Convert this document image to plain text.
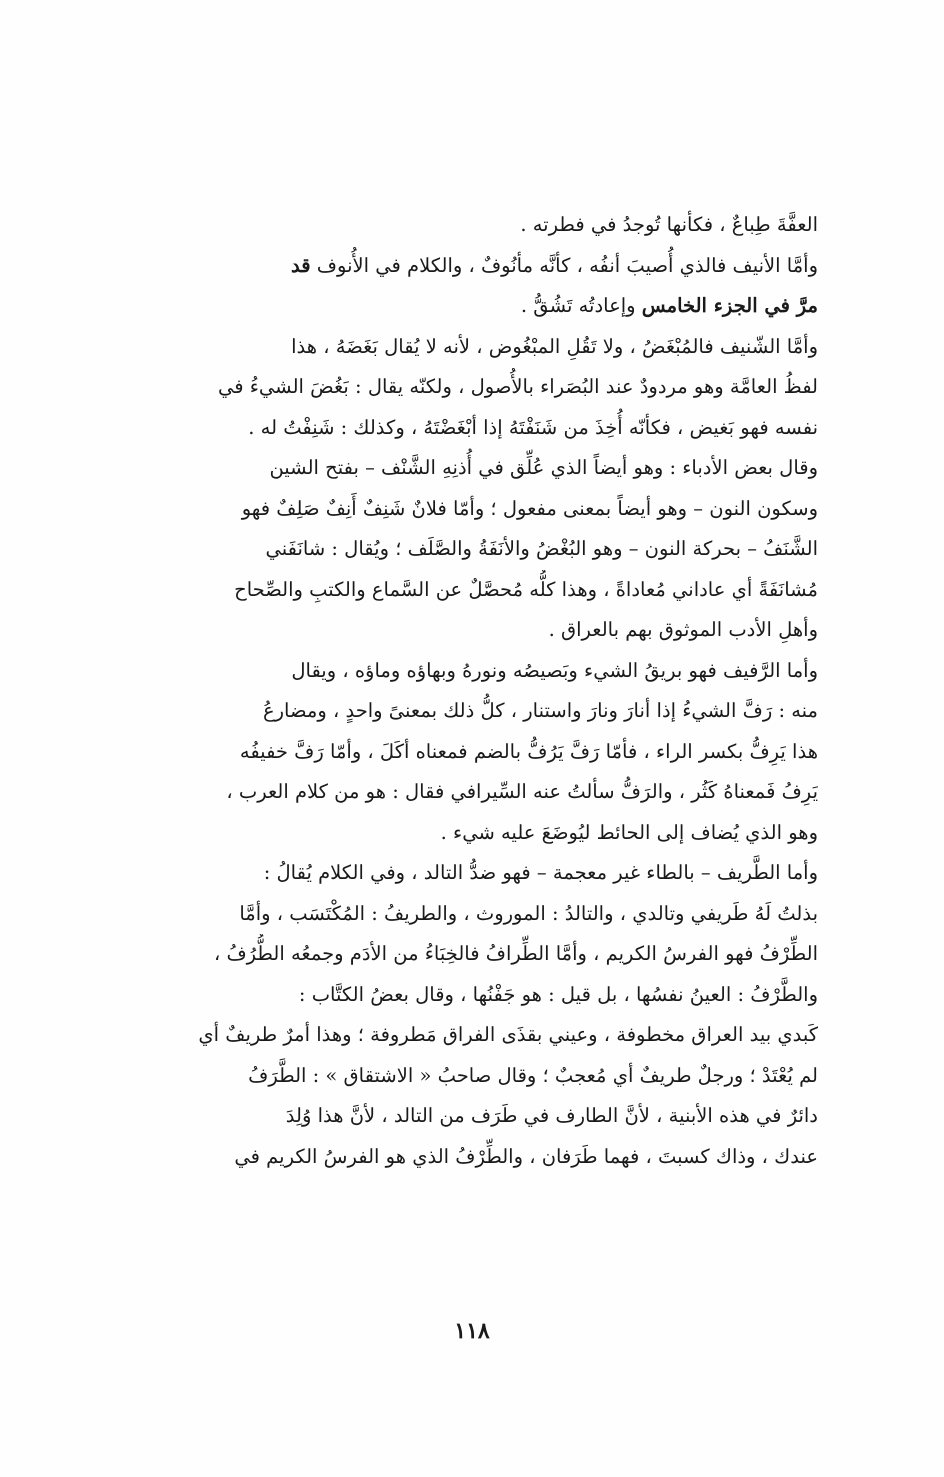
العفَّةَ طِباعٌ ، فكأنها تُوجدُ في فطرته .
وأمَّا الأنيف فالذي أُصيبَ أنفُه ، كأنَّه مأنُوفٌ ، والكلام في الأُنوف قد
مرَّ في الجزء الخامس وإعادتُه تَشُقُّ .
وأمَّا الشّنيف فالمُبْغَضُ ، ولا تَقُلِ المبْغُوض ، لأنه لا يُقال بَغَضَهُ ، هذا
لفظُ العامَّة وهو مردودٌ عند البُصَراء بالأُصول ، ولكنّه يقال : بَغُضَ الشيءُ في
نفسه فهو بَغيض ، فكأنّه أُخِذَ من شَنَفْتَهُ إذا أبْغَضْتَهُ ، وكذلك : شَنِفْتُ له .
وقال بعض الأدباء : وهو أيضاً الذي عُلِّق في أُذنِهِ الشَّنْف – بفتح الشين
وسكون النون – وهو أيضاً بمعنى مفعول ؛ وأمّا فلانٌ شَنِفٌ أَنِفٌ صَلِفٌ فهو
الشَّنَفُ – بحركة النون – وهو البُغْضُ والأنَفَةُ والصَّلَف ؛ ويُقال : شانَفَني
مُشانَفَةً أي عاداني مُعاداةً ، وهذا كلُّه مُحصَّلٌ عن السَّماع والكتبِ والصِّحاح
وأهلِ الأدب الموثوق بهم بالعراق .
وأما الرَّفيف فهو بريقُ الشيء وبَصيصُه ونورهُ وبهاؤه وماؤه ، ويقال
منه : رَفَّ الشيءُ إذا أنارَ ونارَ واستنار ، كلُّ ذلك بمعنىً واحدٍ ، ومضارعُ
هذا يَرِفُّ بكسر الراء ، فأمّا رَفَّ يَرُفُّ بالضم فمعناه أكَلَ ، وأمّا رَفَّ خفيفُه
يَرِفُ فَمعناهُ كَثُر ، والرَفُّ سألتُ عنه السِّيرافي فقال : هو من كلام العرب ،
وهو الذي يُضاف إلى الحائط ليُوضَعَ عليه شيء .
وأما الطَّريف – بالطاء غير معجمة – فهو ضدُّ التالد ، وفي الكلام يُقالُ :
بذلتُ لَهُ طَريفي وتالدي ، والتالدُ : الموروث ، والطريفُ : المُكْتَسَب ، وأمَّا
الطِّرْفُ فهو الفرسُ الكريم ، وأمَّا الطِّرافُ فالخِبَاءُ من الأدَم وجمعُه الطُّرُفُ ،
والطَّرْفُ : العينُ نفسُها ، بل قيل : هو جَفْنُها ، وقال بعضُ الكتَّاب :
كَبدي بيد العراق مخطوفة ، وعيني بقذَى الفراق مَطروفة ؛ وهذا أمرٌ طريفٌ أي
لم يُعْتَدْ ؛ ورجلٌ طريفٌ أي مُعجبٌ ؛ وقال صاحبُ « الاشتقاق » : الطَّرَفُ
دائرٌ في هذه الأبنية ، لأنَّ الطارف في طَرَف من التالد ، لأنَّ هذا وُلِدَ
عندك ، وذاك كسبتَ ، فهما طَرَفان ، والطِّرْفُ الذي هو الفرسُ الكريم في
١١٨
